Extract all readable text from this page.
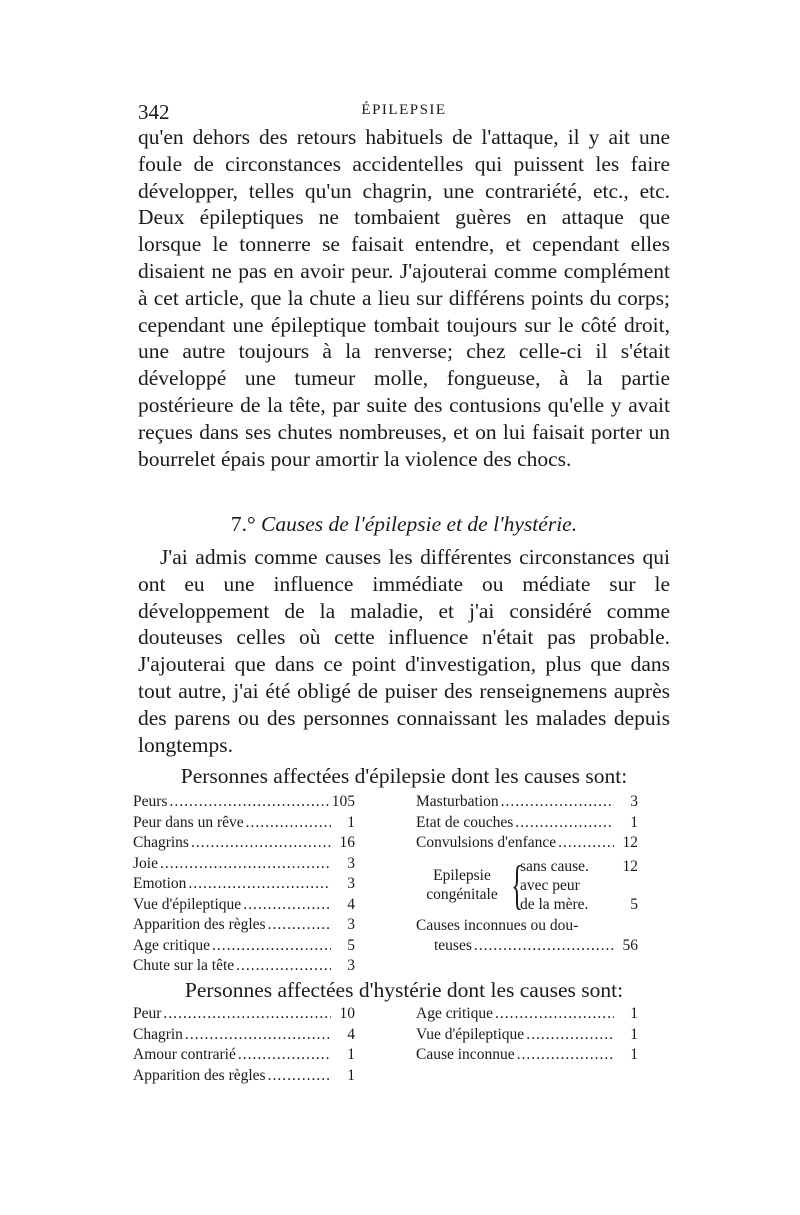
342	ÉPILEPSIE
qu'en dehors des retours habituels de l'attaque, il y ait une foule de circonstances accidentelles qui puissent les faire développer, telles qu'un chagrin, une contrariété, etc., etc. Deux épileptiques ne tombaient guères en attaque que lorsque le tonnerre se faisait entendre, et cependant elles disaient ne pas en avoir peur. J'ajouterai comme complément à cet article, que la chute a lieu sur différens points du corps; cependant une épileptique tombait toujours sur le côté droit, une autre toujours à la renverse; chez celle-ci il s'était développé une tumeur molle, fongueuse, à la partie postérieure de la tête, par suite des contusions qu'elle y avait reçues dans ses chutes nombreuses, et on lui faisait porter un bourrelet épais pour amortir la violence des chocs.
7.° Causes de l'épilepsie et de l'hystérie.
J'ai admis comme causes les différentes circonstances qui ont eu une influence immédiate ou médiate sur le développement de la maladie, et j'ai considéré comme douteuses celles où cette influence n'était pas probable. J'ajouterai que dans ce point d'investigation, plus que dans tout autre, j'ai été obligé de puiser des renseignemens auprès des parens ou des personnes connaissant les malades depuis longtemps.
Personnes affectées d'épilepsie dont les causes sont:
Peurs .....	105
Peur dans un rêve .....	1
Chagrins .....	16
Joie .....	3
Emotion .....	3
Vue d'épileptique .....	4
Apparition des règles .....	3
Age critique .....	5
Chute sur la tête .....	3
Masturbation .....	3
Etat de couches .....	1
Convulsions d'enfance .....	12
Epilepsie
congénitale {
sans cause. 12
avec peur
de la mère.	5
Causes inconnues ou dou-
teuses .....	56
Personnes affectées d'hystérie dont les causes sont:
Peur .....	10
Chagrin .....	4
Amour contrarié .....	1
Apparition des règles .....	1
Age critique .....	1
Vue d'épileptique .....	1
Cause inconnue .....	1
